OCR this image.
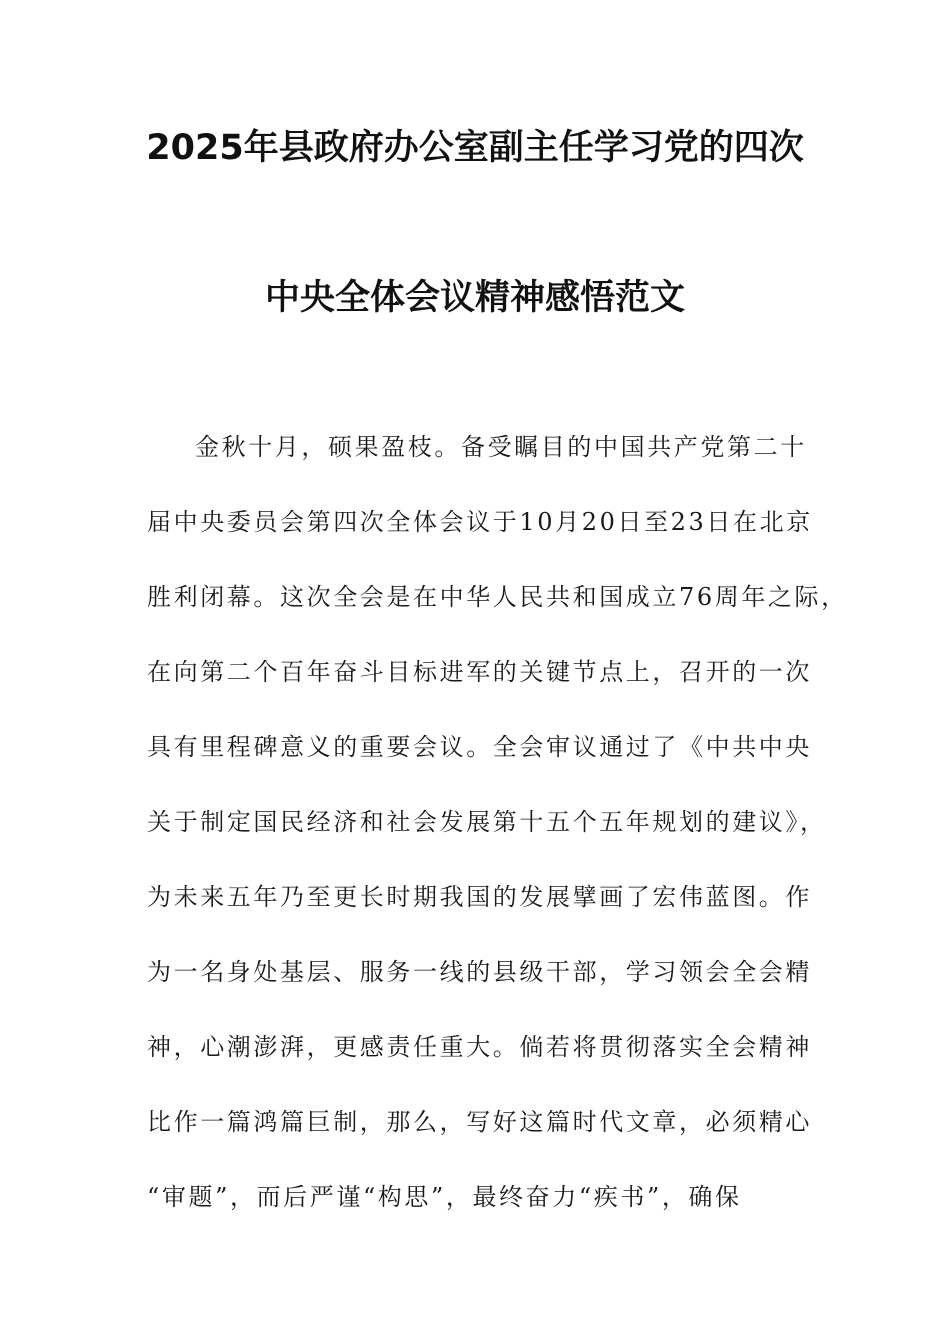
2025年县政府办公室副主任学习党的四次
中央全体会议精神感悟范文
金秋十月，硕果盈枝。备受瞩目的中国共产党第二十
届中央委员会第四次全体会议于10月20日至23日在北京
胜利闭幕。这次全会是在中华人民共和国成立76周年之际，
在向第二个百年奋斗目标进军的关键节点上，召开的一次
具有里程碑意义的重要会议。全会审议通过了《中共中央
关于制定国民经济和社会发展第十五个五年规划的建议》，
为未来五年乃至更长时期我国的发展擘画了宏伟蓝图。作
为一名身处基层、服务一线的县级干部，学习领会全会精
神，心潮澎湃，更感责任重大。倘若将贯彻落实全会精神
比作一篇鸿篇巨制，那么，写好这篇时代文章，必须精心
“审题”，而后严谨“构思”，最终奋力“疾书”，确保
